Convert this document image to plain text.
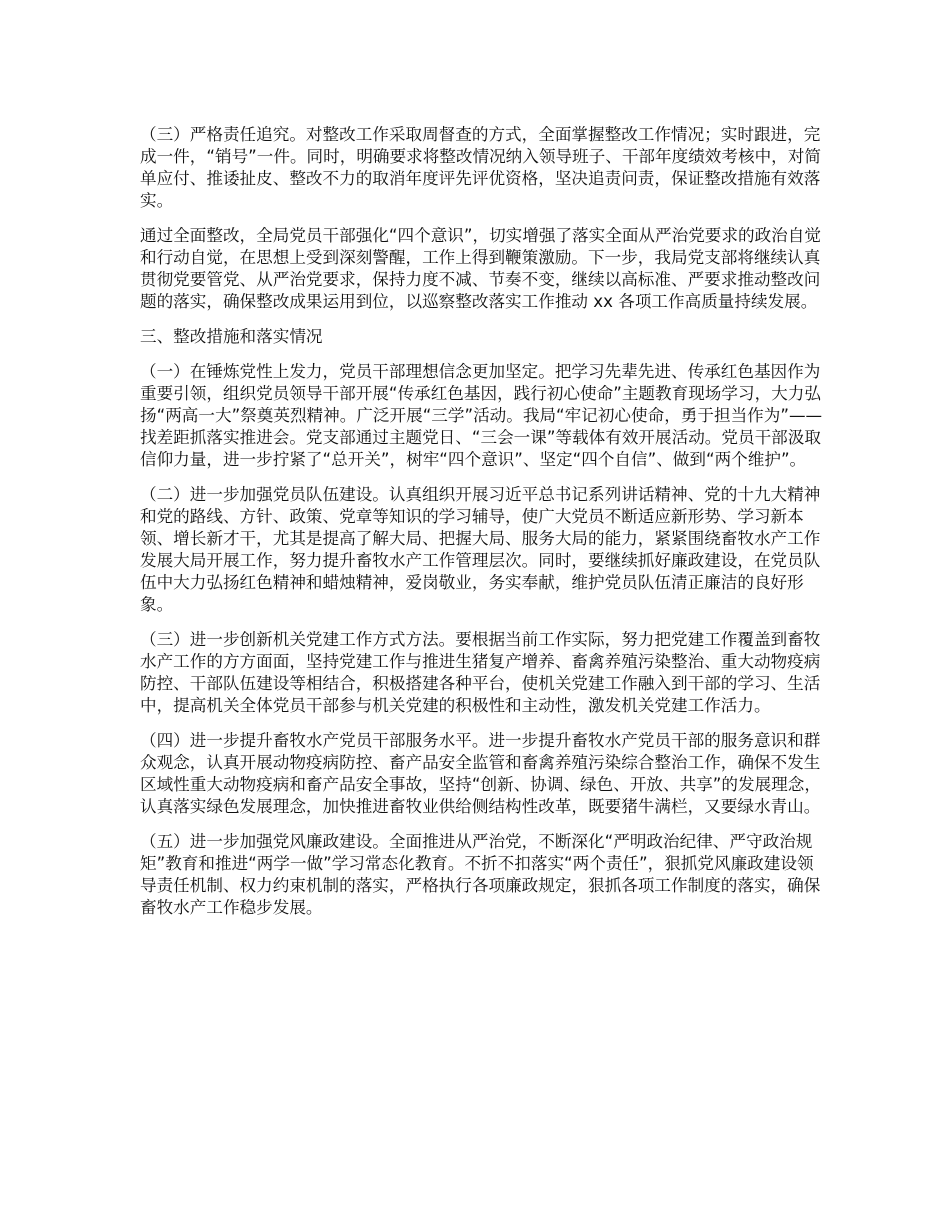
（三）严格责任追究。对整改工作采取周督查的方式，全面掌握整改工作情况；实时跟进，完成一件，“销号”一件。同时，明确要求将整改情况纳入领导班子、干部年度绩效考核中，对简单应付、推诿扯皮、整改不力的取消年度评先评优资格，坚决追责问责，保证整改措施有效落实。

通过全面整改，全局党员干部强化“四个意识”，切实增强了落实全面从严治党要求的政治自觉和行动自觉，在思想上受到深刻警醒，工作上得到鞭策激励。下一步，我局党支部将继续认真贯彻党要管党、从严治党要求，保持力度不减、节奏不变，继续以高标准、严要求推动整改问题的落实，确保整改成果运用到位，以巡察整改落实工作推动 xx 各项工作高质量持续发展。

三、整改措施和落实情况

（一）在锤炼党性上发力，党员干部理想信念更加坚定。把学习先辈先进、传承红色基因作为重要引领，组织党员领导干部开展“传承红色基因，践行初心使命”主题教育现场学习，大力弘扬“两高一大”祭奠英烈精神。广泛开展“三学”活动。我局“牢记初心使命，勇于担当作为”——找差距抓落实推进会。党支部通过主题党日、“三会一课”等载体有效开展活动。党员干部汲取信仰力量，进一步拧紧了“总开关”，树牢“四个意识”、坚定“四个自信”、做到“两个维护”。

（二）进一步加强党员队伍建设。认真组织开展习近平总书记系列讲话精神、党的十九大精神和党的路线、方针、政策、党章等知识的学习辅导，使广大党员不断适应新形势、学习新本领、增长新才干，尤其是提高了解大局、把握大局、服务大局的能力，紧紧围绕畜牧水产工作发展大局开展工作，努力提升畜牧水产工作管理层次。同时，要继续抓好廉政建设，在党员队伍中大力弘扬红色精神和蜡烛精神，爱岗敬业，务实奉献，维护党员队伍清正廉洁的良好形象。

（三）进一步创新机关党建工作方式方法。要根据当前工作实际，努力把党建工作覆盖到畜牧水产工作的方方面面，坚持党建工作与推进生猪复产增养、畜禽养殖污染整治、重大动物疫病防控、干部队伍建设等相结合，积极搭建各种平台，使机关党建工作融入到干部的学习、生活中，提高机关全体党员干部参与机关党建的积极性和主动性，激发机关党建工作活力。

（四）进一步提升畜牧水产党员干部服务水平。进一步提升畜牧水产党员干部的服务意识和群众观念，认真开展动物疫病防控、畜产品安全监管和畜禽养殖污染综合整治工作，确保不发生区域性重大动物疫病和畜产品安全事故，坚持“创新、协调、绿色、开放、共享”的发展理念，认真落实绿色发展理念，加快推进畜牧业供给侧结构性改革，既要猪牛满栏，又要绿水青山。

（五）进一步加强党风廉政建设。全面推进从严治党，不断深化“严明政治纪律、严守政治规矩”教育和推进“两学一做”学习常态化教育。不折不扣落实“两个责任”，狠抓党风廉政建设领导责任机制、权力约束机制的落实，严格执行各项廉政规定，狠抓各项工作制度的落实，确保畜牧水产工作稳步发展。
